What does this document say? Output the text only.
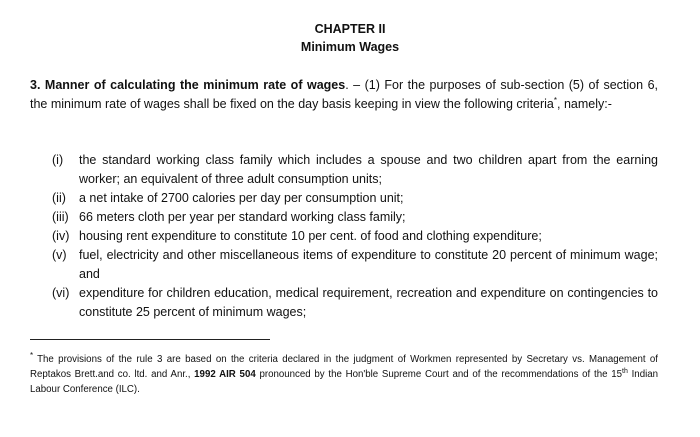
CHAPTER II
Minimum Wages

3. Manner of calculating the minimum rate of wages. – (1) For the purposes of sub-section (5) of section 6, the minimum rate of wages shall be fixed on the day basis keeping in view the following criteria*, namely:-

(i)	the standard working class family which includes a spouse and two children apart from the earning worker; an equivalent of three adult consumption units;
(ii)	a net intake of 2700 calories per day per consumption unit;
(iii) 66 meters cloth per year per standard working class family;
(iv) housing rent expenditure to constitute 10 per cent. of food and clothing expenditure;
(v) fuel, electricity and other miscellaneous items of expenditure to constitute 20 percent of minimum wage; and
(vi) expenditure for children education, medical requirement, recreation and expenditure on contingencies to constitute 25 percent of minimum wages;

* The provisions of the rule 3 are based on the criteria declared in the judgment of Workmen represented by Secretary vs. Management of Reptakos Brett.and co. ltd. and Anr., 1992 AIR 504 pronounced by the Hon'ble Supreme Court and of the recommendations of the 15th Indian Labour Conference (ILC).
